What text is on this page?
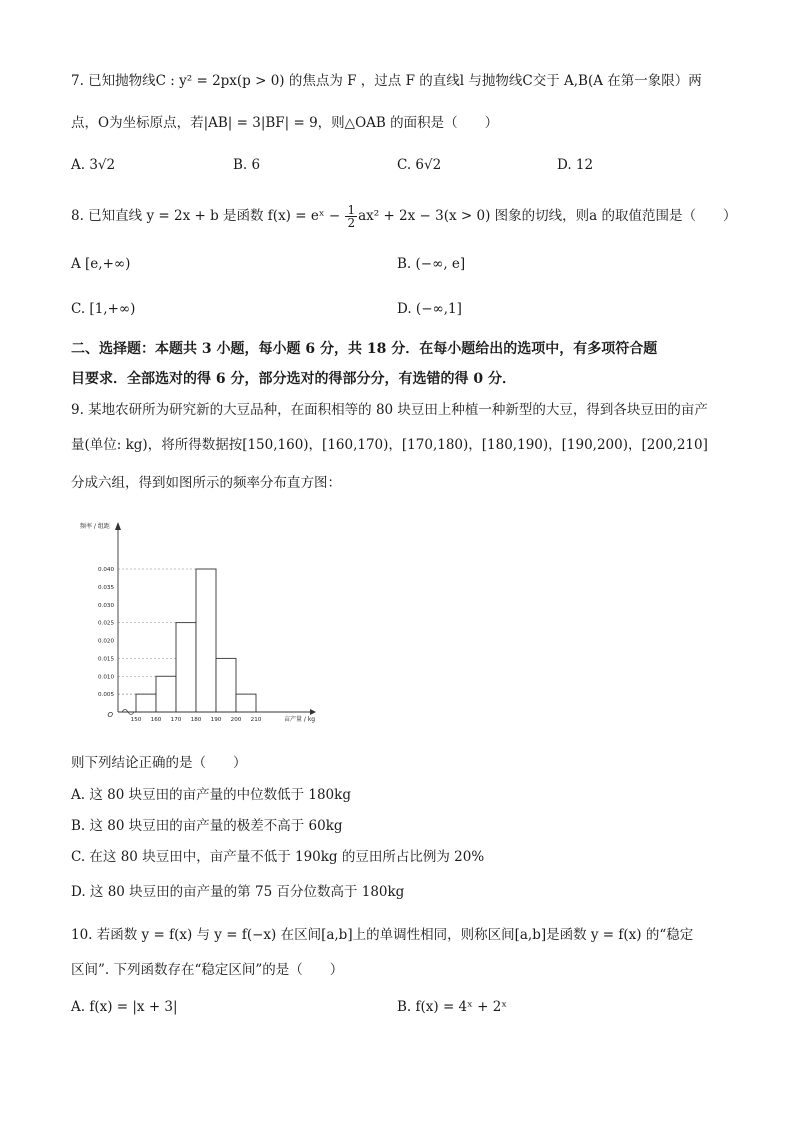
7. 已知抛物线C : y² = 2px(p > 0) 的焦点为 F ，过点 F 的直线l 与抛物线C交于 A,B(A 在第一象限）两
点，O为坐标原点，若|AB| = 3|BF| = 9，则△OAB 的面积是（　　）
A. 3√2	B. 6	C. 6√2	D. 12
8. 已知直线 y = 2x + b 是函数 f(x) = eˣ − $\frac{1}{2} ax^2 + 2x - 3(x > 0)$ 图象的切线，则a 的取值范围是（　　）
A [e,+∞)	B. (−∞, e]
C. [1,+∞)	D. (−∞,1]
二、选择题：本题共 3 小题，每小题 6 分，共 18 分．在每小题给出的选项中，有多项符合题
目要求．全部选对的得 6 分，部分选对的得部分分，有选错的得 0 分．
9. 某地农研所为研究新的大豆品种，在面积相等的 80 块豆田上种植一种新型的大豆，得到各块豆田的亩产
量(单位: kg)，将所得数据按[150,160)，[160,170)，[170,180)，[180,190)，[190,200)，[200,210]
分成六组，得到如图所示的频率分布直方图：
0.005
0.010
0.015
0.020
0.025
0.030
0.035
0.040
150 160 170 180 190 200 210
O
频率 / 组距
亩产量 / kg
则下列结论正确的是（　　）
A. 这 80 块豆田的亩产量的中位数低于 180kg
B. 这 80 块豆田的亩产量的极差不高于 60kg
C. 在这 80 块豆田中，亩产量不低于 190kg 的豆田所占比例为 20%
D. 这 80 块豆田的亩产量的第 75 百分位数高于 180kg
10. 若函数 y = f(x) 与 y = f(−x) 在区间[a,b]上的单调性相同，则称区间[a,b]是函数 y = f(x) 的“稳定
区间”. 下列函数存在“稳定区间”的是（　　）
A. f(x) = |x + 3|	B. f(x) = 4ˣ + 2ˣ
